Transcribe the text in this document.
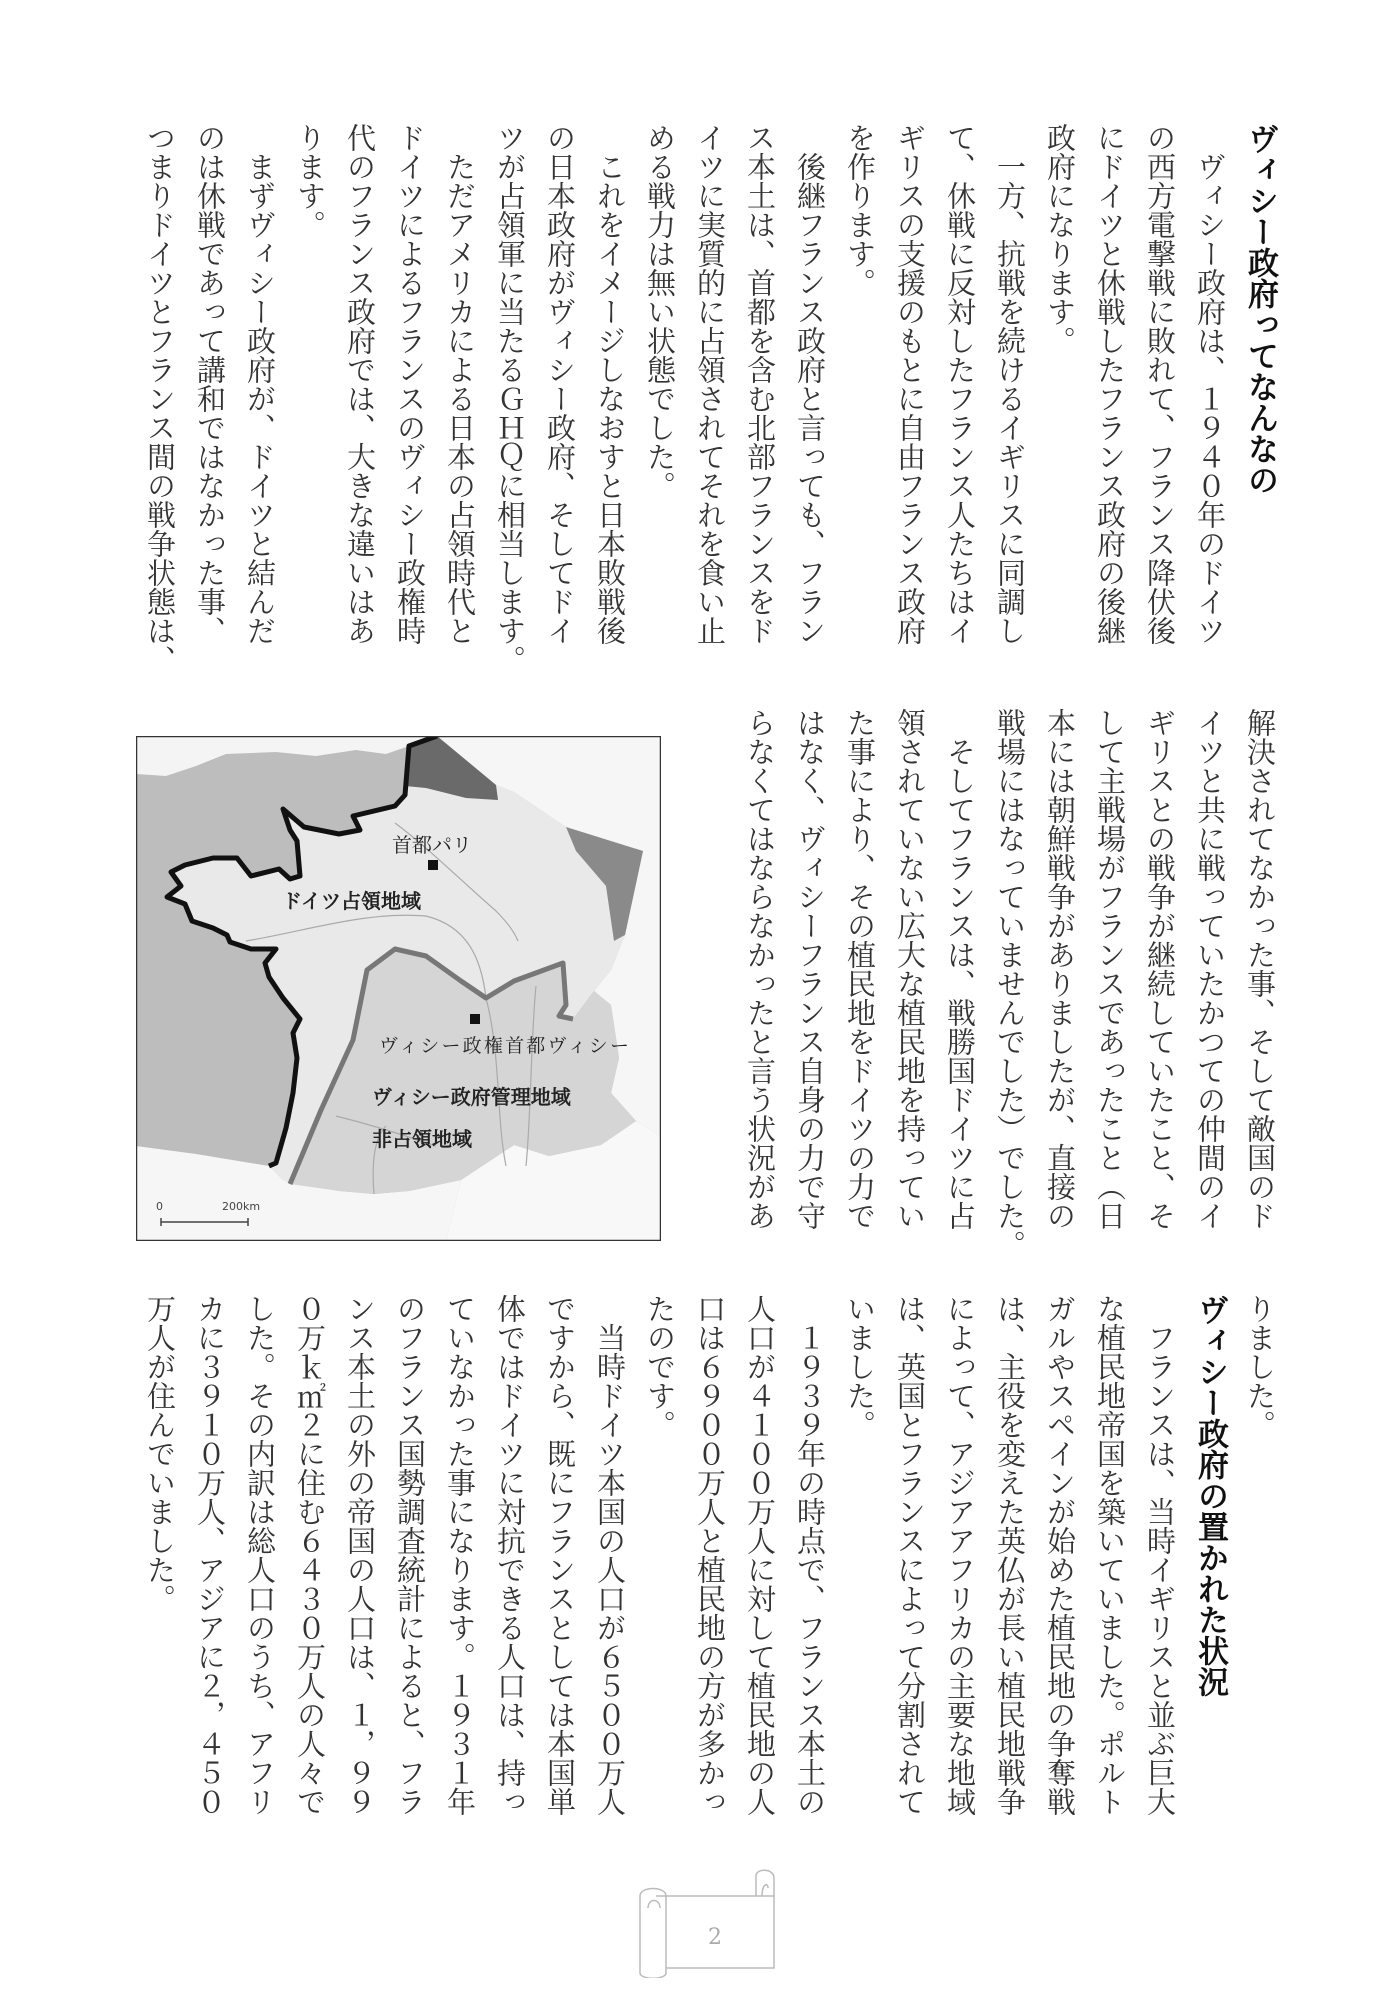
ヴィシー政府ってなんなの
　ヴィシー政府は、１９４０年のドイツ
の西方電撃戦に敗れて、フランス降伏後
にドイツと休戦したフランス政府の後継
政府になります。
　一方、抗戦を続けるイギリスに同調し
て、休戦に反対したフランス人たちはイ
ギリスの支援のもとに自由フランス政府
を作ります。
　後継フランス政府と言っても、フラン
ス本土は、首都を含む北部フランスをド
イツに実質的に占領されてそれを食い止
める戦力は無い状態でした。
　これをイメージしなおすと日本敗戦後
の日本政府がヴィシー政府、そしてドイ
ツが占領軍に当たるＧＨＱに相当します。
　ただアメリカによる日本の占領時代と
ドイツによるフランスのヴィシー政権時
代のフランス政府では、大きな違いはあ
ります。
　まずヴィシー政府が、ドイツと結んだ
のは休戦であって講和ではなかった事、
つまりドイツとフランス間の戦争状態は、
首都パリ
ドイツ占領地域
ヴィシー政権首都ヴィシー
ヴィシー政府管理地域
非占領地域
0	200km	解決されてなかった事、そして敵国のド
イツと共に戦っていたかつての仲間のイ
ギリスとの戦争が継続していたこと、そ
して主戦場がフランスであったこと（日
本には朝鮮戦争がありましたが、直接の
戦場にはなっていませんでした）でした。
　そしてフランスは、戦勝国ドイツに占
領されていない広大な植民地を持ってい
た事により、その植民地をドイツの力で
はなく、ヴィシーフランス自身の力で守
らなくてはならなかったと言う状況があ
りました。
ヴィシー政府の置かれた状況
　フランスは、当時イギリスと並ぶ巨大
な植民地帝国を築いていました。ポルト
ガルやスペインが始めた植民地の争奪戦
は、主役を変えた英仏が長い植民地戦争
によって、アジアアフリカの主要な地域
は、英国とフランスによって分割されて
いました。
　１９３９年の時点で、フランス本土の
人口が４１００万人に対して植民地の人
口は６９００万人と植民地の方が多かっ
たのです。
　当時ドイツ本国の人口が６５００万人
ですから、既にフランスとしては本国単
体ではドイツに対抗できる人口は、持っ
ていなかった事になります。１９３１年
のフランス国勢調査統計によると、フラ
ンス本土の外の帝国の人口は、１，９９
０万ｋ㎡２に住む６４３０万人の人々で
した。その内訳は総人口のうち、アフリ
カに３９１０万人、アジアに２，４５０
万人が住んでいました。
2
